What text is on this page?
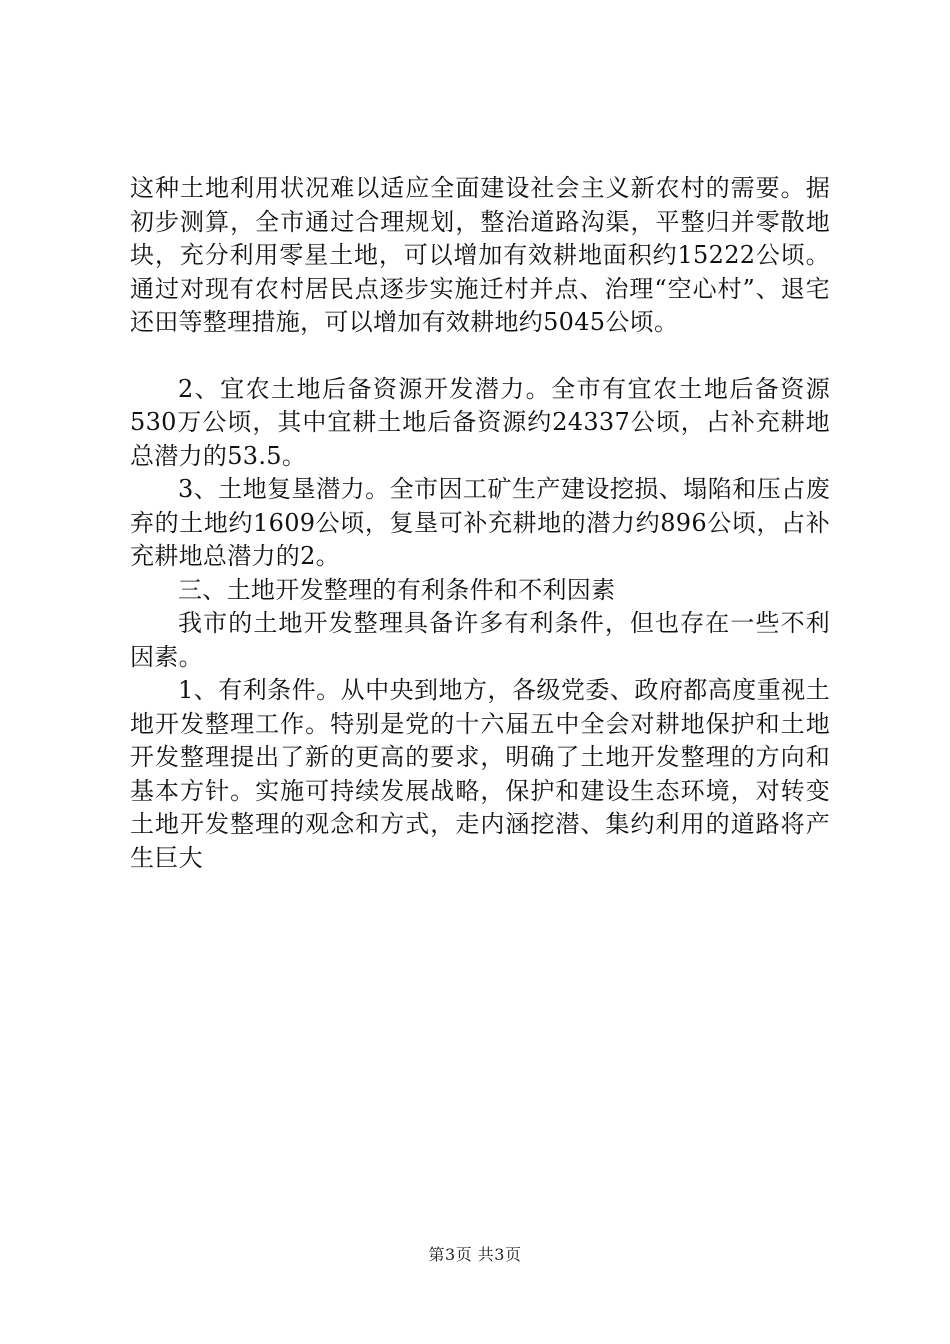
这种土地利用状况难以适应全面建设社会主义新农村的需要。据初步测算，全市通过合理规划，整治道路沟渠，平整归并零散地块，充分利用零星土地，可以增加有效耕地面积约15222公顷。通过对现有农村居民点逐步实施迁村并点、治理“空心村”、退宅还田等整理措施，可以增加有效耕地约5045公顷。

2、宜农土地后备资源开发潜力。全市有宜农土地后备资源530万公顷，其中宜耕土地后备资源约24337公顷，占补充耕地总潜力的53.5。

3、土地复垦潜力。全市因工矿生产建设挖损、塌陷和压占废弃的土地约1609公顷，复垦可补充耕地的潜力约896公顷，占补充耕地总潜力的2。

三、土地开发整理的有利条件和不利因素

我市的土地开发整理具备许多有利条件，但也存在一些不利因素。

1、有利条件。从中央到地方，各级党委、政府都高度重视土地开发整理工作。特别是党的十六届五中全会对耕地保护和土地开发整理提出了新的更高的要求，明确了土地开发整理的方向和基本方针。实施可持续发展战略，保护和建设生态环境，对转变土地开发整理的观念和方式，走内涵挖潜、集约利用的道路将产生巨大

第3页 共3页
